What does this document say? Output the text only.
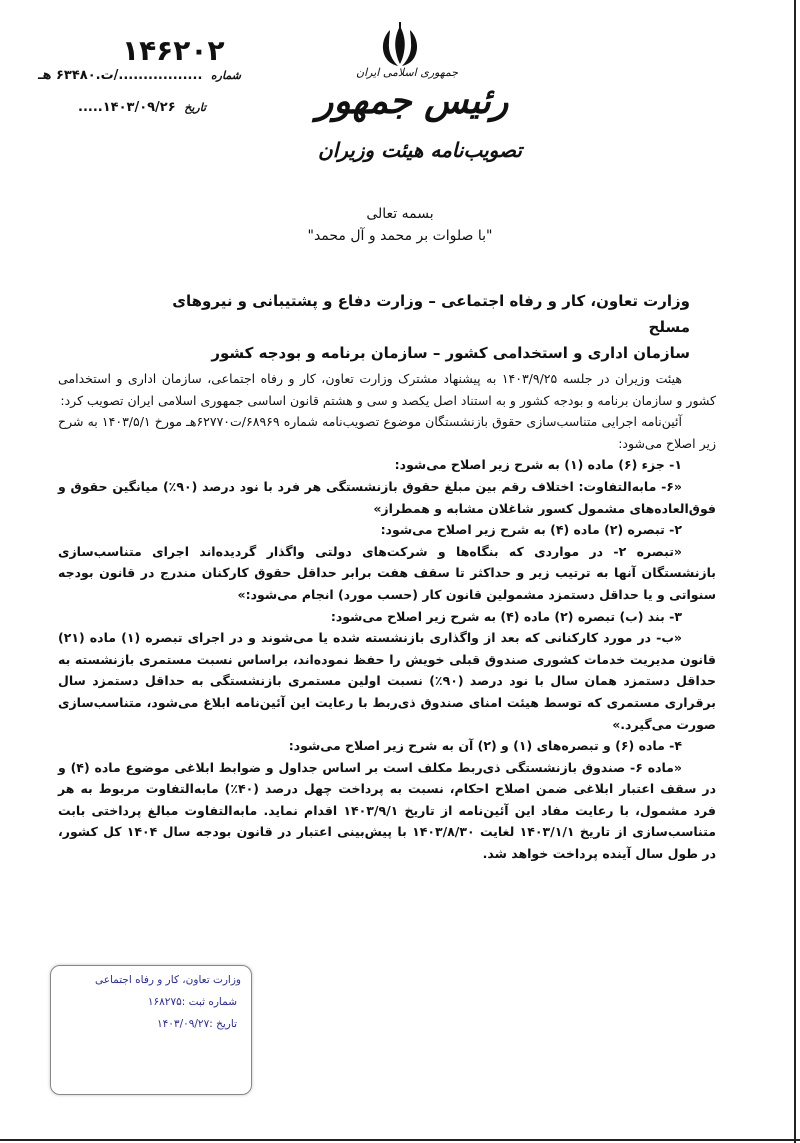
۱۴۶۲۰۲
شماره ................./ت.۶۳۴۸۰ هـ
تاریخ ۱۴۰۳/۰۹/۲۶.....
جمهوری اسلامی ایران
رئیس جمهور
تصویب‌نامه هیئت وزیران
بسمه تعالی
"با صلوات بر محمد و آل محمد"
وزارت تعاون، کار و رفاه اجتماعی – وزارت دفاع و پشتیبانی و نیروهای مسلح
سازمان اداری و استخدامی کشور – سازمان برنامه و بودجه کشور

هیئت وزیران در جلسه ۱۴۰۳/۹/۲۵ به پیشنهاد مشترک وزارت تعاون، کار و رفاه اجتماعی، سازمان اداری و استخدامی کشور و سازمان برنامه و بودجه کشور و به استناد اصل یکصد و سی و هشتم قانون اساسی جمهوری اسلامی ایران تصویب کرد:

آئین‌نامه اجرایی متناسب‌سازی حقوق بازنشستگان موضوع تصویب‌نامه شماره ۶۸۹۶۹/ت۶۲۷۷۰هـ مورخ ۱۴۰۳/۵/۱ به شرح زیر اصلاح می‌شود:

۱- جزء (۶) ماده (۱) به شرح زیر اصلاح می‌شود:

«۶- مابه‌التفاوت: اختلاف رقم بین مبلغ حقوق بازنشستگی هر فرد با نود درصد (۹۰٪) میانگین حقوق و فوق‌العاده‌های مشمول کسور شاغلان مشابه و همطراز»

۲- تبصره (۲) ماده (۴) به شرح زیر اصلاح می‌شود:

«تبصره ۲- در مواردی که بنگاه‌ها و شرکت‌های دولتی واگذار گردیده‌اند اجرای متناسب‌سازی بازنشستگان آنها به ترتیب زیر و حداکثر تا سقف هفت برابر حداقل حقوق کارکنان مندرج در قانون بودجه سنواتی و یا حداقل دستمزد مشمولین قانون کار (حسب مورد) انجام می‌شود:»

۳- بند (ب) تبصره (۲) ماده (۴) به شرح زیر اصلاح می‌شود:

«ب- در مورد کارکنانی که بعد از واگذاری بازنشسته شده یا می‌شوند و در اجرای تبصره (۱) ماده (۲۱) قانون مدیریت خدمات کشوری صندوق قبلی خویش را حفظ نموده‌اند، براساس نسبت مستمری بازنشسته به حداقل دستمزد همان سال با نود درصد (۹۰٪) نسبت اولین مستمری بازنشستگی به حداقل دستمزد سال برقراری مستمری که توسط هیئت امنای صندوق ذی‌ربط با رعایت این آئین‌نامه ابلاغ می‌شود، متناسب‌سازی صورت می‌گیرد.»

۴- ماده (۶) و تبصره‌های (۱) و (۲) آن به شرح زیر اصلاح می‌شود:

«ماده ۶- صندوق بازنشستگی ذی‌ربط مکلف است بر اساس جداول و ضوابط ابلاغی موضوع ماده (۴) و در سقف اعتبار ابلاغی ضمن اصلاح احکام، نسبت به پرداخت چهل درصد (۴۰٪) مابه‌التفاوت مربوط به هر فرد مشمول، با رعایت مفاد این آئین‌نامه از تاریخ ۱۴۰۳/۹/۱ اقدام نماید. مابه‌التفاوت مبالغ پرداختی بابت متناسب‌سازی از تاریخ ۱۴۰۳/۱/۱ لغایت ۱۴۰۳/۸/۳۰ با پیش‌بینی اعتبار در قانون بودجه سال ۱۴۰۴ کل کشور، در طول سال آینده پرداخت خواهد شد.

وزارت تعاون، کار و رفاه اجتماعی
شماره ثبت :۱۶۸۲۷۵
تاریخ :۱۴۰۳/۰۹/۲۷
